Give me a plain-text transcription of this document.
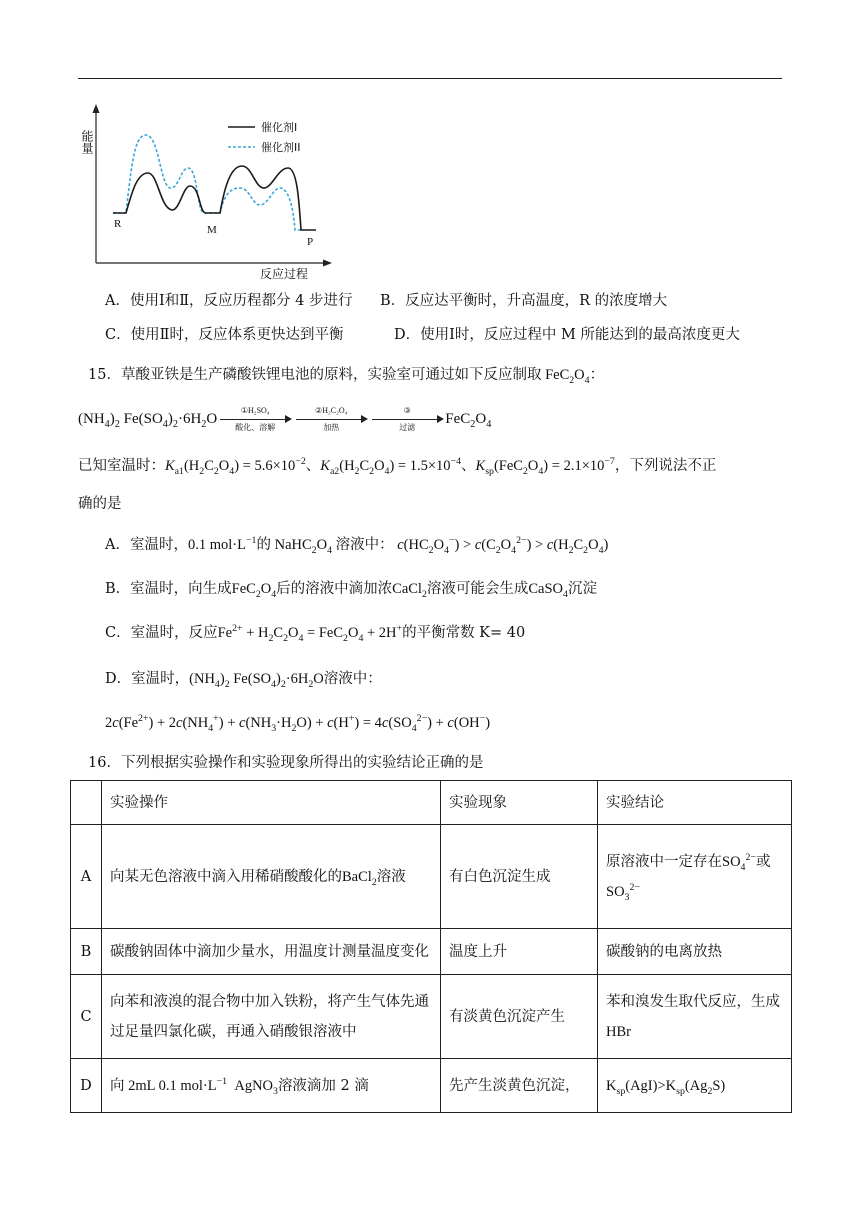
能量
反应过程
催化剂I
催化剂II
R	M
P
A．使用Ⅰ和Ⅱ，反应历程都分 4 步进行 B．反应达平衡时，升高温度，R 的浓度增大
C．使用Ⅱ时，反应体系更快达到平衡	D．使用Ⅰ时，反应过程中 M 所能达到的最高浓度更大
15．草酸亚铁是生产磷酸铁锂电池的原料，实验室可通过如下反应制取 $FeC_2O_4$：
$(NH_4)_2$ $Fe(SO_4)_2\cdot 6H_2O$
①H₂SO₄
酸化、溶解
②H₂C₂O₄
加热
③
过滤
$FeC_2O_4$
已知室温时：$K_{a1}(H_2C_2O_4) = 5.6\times 10^{-2}$、$K_{a2}(H_2C_2O_4) = 1.5\times 10^{-4}$、$K_{sp}(FeC_2O_4) = 2.1\times 10^{-7}$，下列说法不正
确的是
A．室温时，0.1 $mol\cdot L^{-1}$的 $NaHC_2O_4$ 溶液中： $c(HC_2O_4^-) > c(C_2O_4^{2-}) > c(H_2C_2O_4)$
B．室温时，向生成$FeC_2O_4$后的溶液中滴加浓CaCl$_2$溶液可能会生成CaSO$_4$沉淀
C．室温时，反应$Fe^{2+} + H_2C_2O_4 = FeC_2O_4 + 2H^+$的平衡常数 K= 40
D．室温时，$(NH_4)_2$ $Fe(SO_4)_2\cdot 6H_2O$溶液中：
$2c(Fe^{2+}) + 2c(NH_4^+) + c(NH_3\cdot H_2O) + c(H^+) = 4c(SO_4^{2-}) + c(OH^-)$
16．下列根据实验操作和实验现象所得出的实验结论正确的是
	实验操作	实验现象	实验结论
A	向某无色溶液中滴入用稀硝酸酸化的BaCl$_2$溶液	有白色沉淀生成	原溶液中一定存在$SO_4^{2-}$或
$SO_3^{2-}$
B	碳酸钠固体中滴加少量水，用温度计测量温度变化	温度上升	碳酸钠的电离放热
C	向苯和液溴的混合物中加入铁粉，将产生气体先通
过足量四氯化碳，再通入硝酸银溶液中	有淡黄色沉淀产生	苯和溴发生取代反应，生成
HBr
D	向 2mL 0.1 $mol\cdot L^{-1}$  AgNO$_3$溶液滴加 2 滴	先产生淡黄色沉淀，	$K_{sp}(AgI)>K_{sp}(Ag_2S)$
